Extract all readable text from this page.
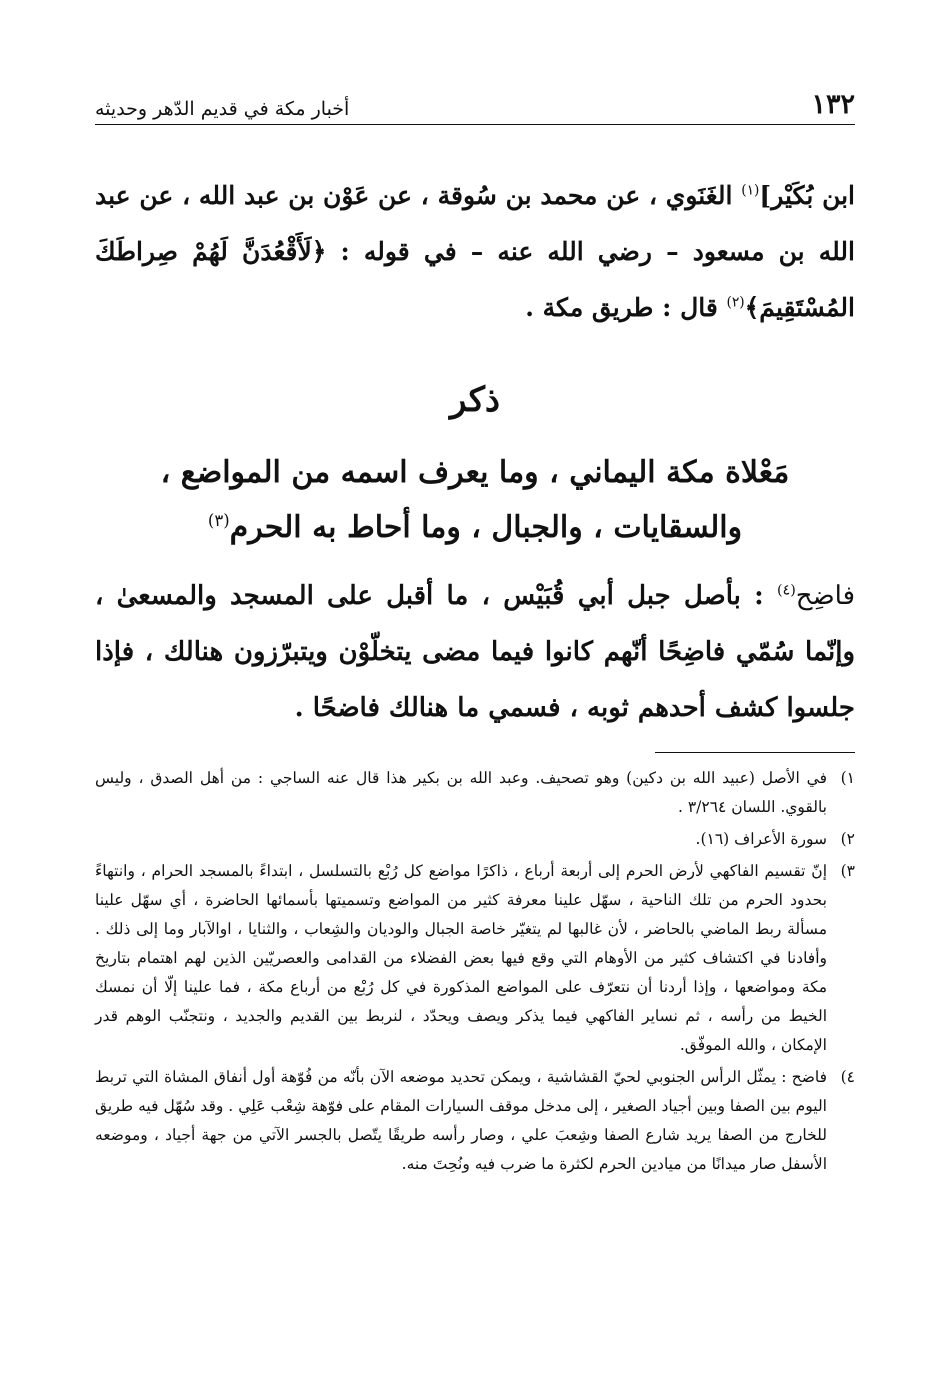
١٣٢
أخبار مكة في قديم الدّهر وحديثه
ابن بُكَيْر]$^{(١)}$ الغَنَوي ، عن محمد بن سُوقة ، عن عَوْن بن عبد الله ، عن عبد الله بن مسعود – رضي الله عنه – في قوله : ﴿لَأَقْعُدَنَّ لَهُمْ صِراطَكَ المُسْتَقِيمَ﴾$^{(٢)}$ قال : طريق مكة .
ذكر
مَعْلاة مكة اليماني ، وما يعرف اسمه من المواضع ، والسقايات ، والجبال ، وما أحاط به الحرم$^{(٣)}$
فاضِح$^{(٤)}$ : بأصل جبل أبي قُبَيْس ، ما أقبل على المسجد والمسعىٰ ، وإنّما سُمّي فاضِحًا أنّهم كانوا فيما مضى يتخلّوْن ويتبرّزون هنالك ، فإذا جلسوا كشف أحدهم ثوبه ، فسمي ما هنالك فاضحًا .
١)
في الأصل (عبيد الله بن دكين) وهو تصحيف. وعبد الله بن بكير هذا قال عنه الساجي : من أهل الصدق ، وليس بالقوي. اللسان ٣/٢٦٤ .
٢)
سورة الأعراف (١٦).
٣)
إنّ تقسيم الفاكهي لأرض الحرم إلى أربعة أرباع ، ذاكرًا مواضع كل رُبْع بالتسلسل ، ابتداءً بالمسجد الحرام ، وانتهاءً بحدود الحرم من تلك الناحية ، سهّل علينا معرفة كثير من المواضع وتسميتها بأسمائها الحاضرة ، أي سهّل علينا مسألة ربط الماضي بالحاضر ، لأن غالبها لم يتغيّر خاصة الجبال والوديان والشِعاب ، والثنايا ، اوالآبار وما إلى ذلك . وأفادنا في اكتشاف كثير من الأوهام التي وقع فيها بعض الفضلاء من القدامى والعصريّين الذين لهم اهتمام بتاريخ مكة ومواضعها ، وإذا أردنا أن نتعرّف على المواضع المذكورة في كل رُبْع من أرباع مكة ، فما علينا إلّا أن نمسك الخيط من رأسه ، ثم نساير الفاكهي فيما يذكر ويصف ويحدّد ، لنربط بين القديم والجديد ، ونتجنّب الوهم قدر الإمكان ، والله الموفّق.
٤)
فاضح : يمثّل الرأس الجنوبي لحيّ القشاشية ، ويمكن تحديد موضعه الآن بأنّه من فُوّهة أول أنفاق المشاة التي تربط اليوم بين الصفا وبين أجياد الصغير ، إلى مدخل موقف السيارات المقام على فوّهة شِعْب عَلِي . وقد سُهّل فيه طريق للخارج من الصفا يريد شارع الصفا وشِعبَ علي ، وصار رأسه طريقًا يتّصل بالجسر الآتي من جهة أجياد ، وموضعه الأسفل صار ميدانًا من ميادين الحرم لكثرة ما ضرب فيه ونُحِتَ منه.
